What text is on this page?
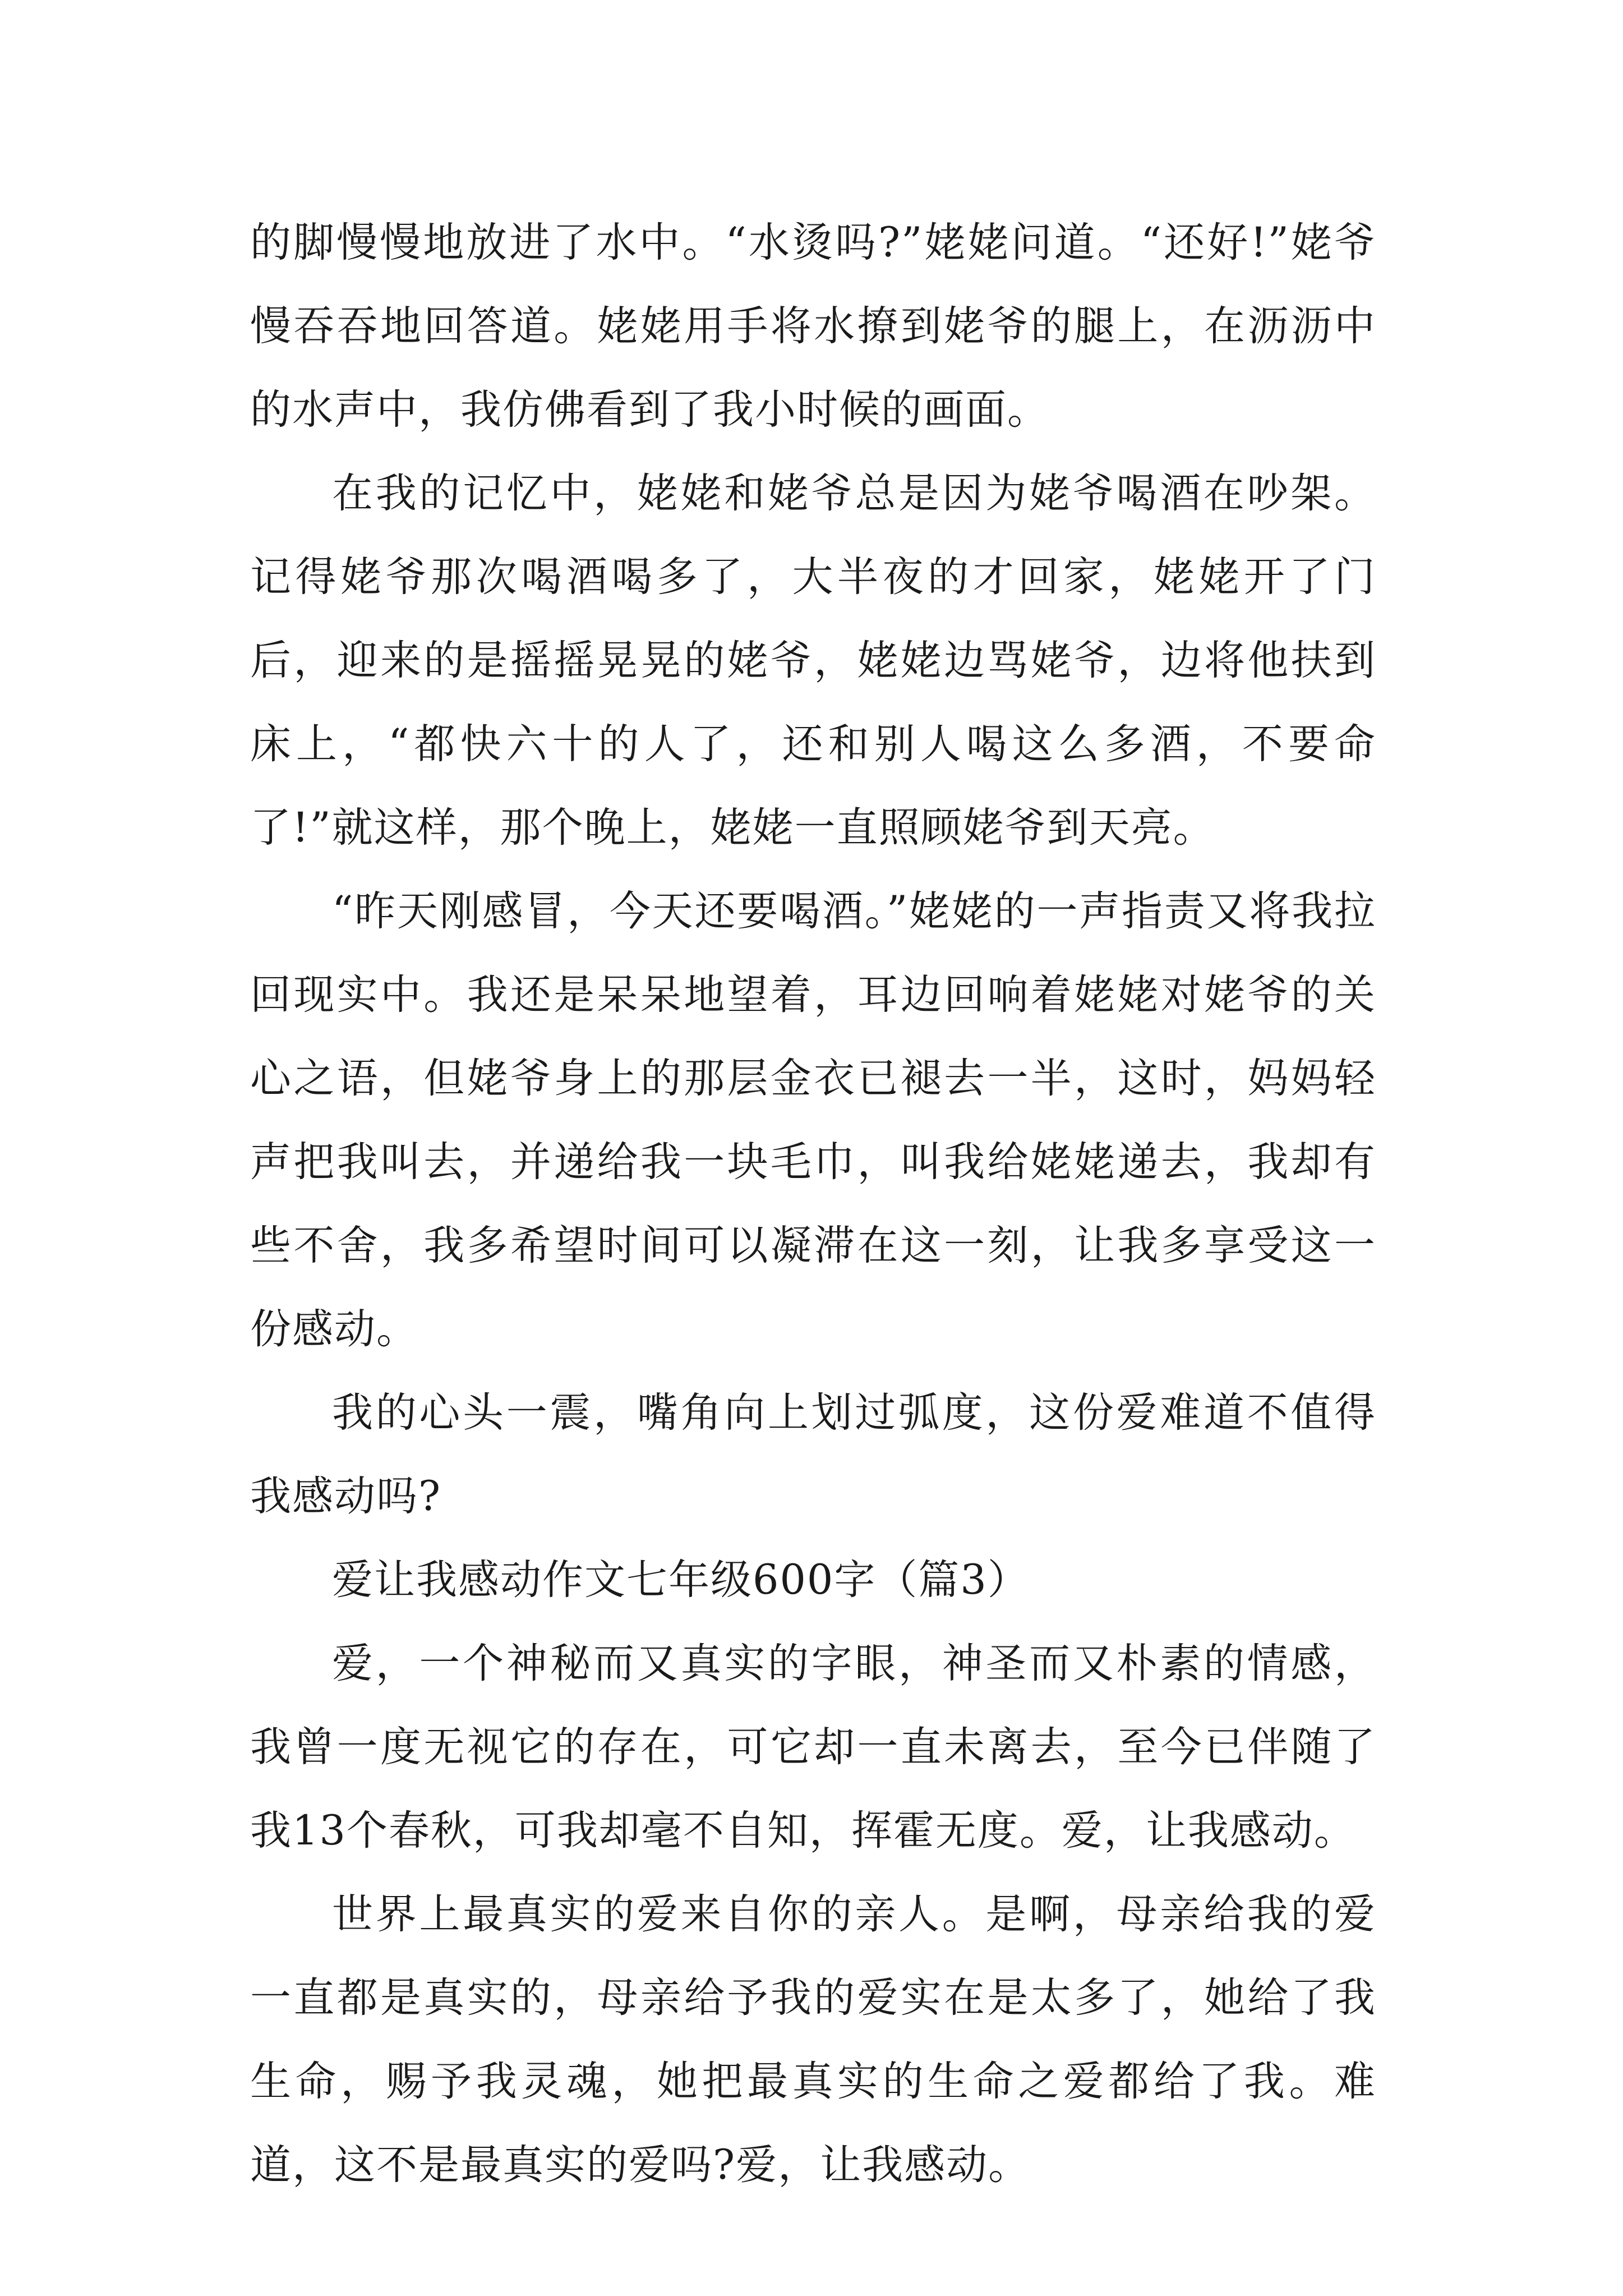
的脚慢慢地放进了水中。“水烫吗?”姥姥问道。“还好!”姥爷慢吞吞地回答道。姥姥用手将水撩到姥爷的腿上，在沥沥中的水声中，我仿佛看到了我小时候的画面。

在我的记忆中，姥姥和姥爷总是因为姥爷喝酒在吵架。记得姥爷那次喝酒喝多了，大半夜的才回家，姥姥开了门后，迎来的是摇摇晃晃的姥爷，姥姥边骂姥爷，边将他扶到床上，“都快六十的人了，还和别人喝这么多酒，不要命了!”就这样，那个晚上，姥姥一直照顾姥爷到天亮。

“昨天刚感冒，今天还要喝酒。”姥姥的一声指责又将我拉回现实中。我还是呆呆地望着，耳边回响着姥姥对姥爷的关心之语，但姥爷身上的那层金衣已褪去一半，这时，妈妈轻声把我叫去，并递给我一块毛巾，叫我给姥姥递去，我却有些不舍，我多希望时间可以凝滞在这一刻，让我多享受这一份感动。

我的心头一震，嘴角向上划过弧度，这份爱难道不值得我感动吗?

爱让我感动作文七年级600字（篇3）

爱，一个神秘而又真实的字眼，神圣而又朴素的情感，我曾一度无视它的存在，可它却一直未离去，至今已伴随了我13个春秋，可我却毫不自知，挥霍无度。爱，让我感动。

世界上最真实的爱来自你的亲人。是啊，母亲给我的爱一直都是真实的，母亲给予我的爱实在是太多了，她给了我生命，赐予我灵魂，她把最真实的生命之爱都给了我。难道，这不是最真实的爱吗?爱，让我感动。
